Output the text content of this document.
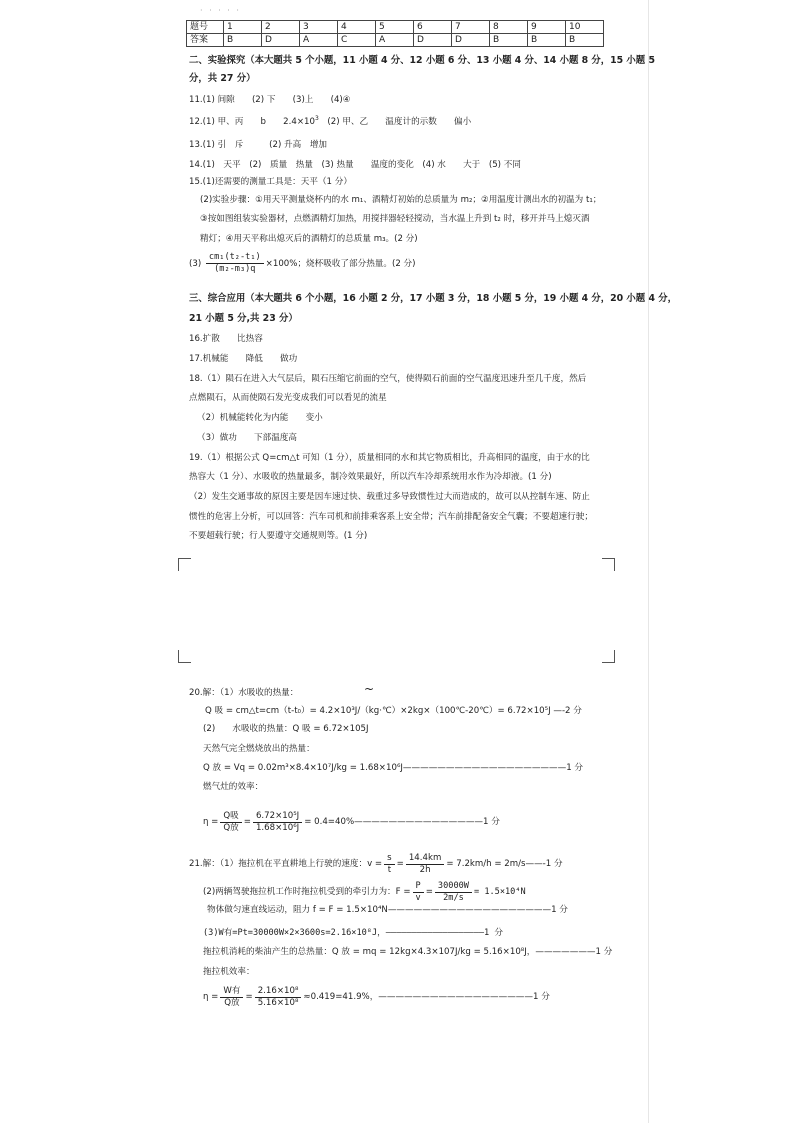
· · · · ·
题号	1	2	3	4	5	6	7	8	9	10
答案	B	D	A	C	A	D	D	B	B	B
二、实验探究（本大题共 5 个小题，11 小题 4 分、12 小题 6 分、13 小题 4 分、14 小题 8 分，15 小题 5
分，共 27 分）
11.(1) 间隙　　(2) 下　　(3)上　　(4)④
12.(1) 甲、丙　　b　　$2.4\times 10^3$　(2) 甲、乙　　温度计的示数　　偏小
13.(1) 引　斥　　　(2) 升高　增加
14.(1)　天平　(2)　质量　热量　(3) 热量　　温度的变化　(4) 水　　大于　(5) 不同
15.(1)还需要的测量工具是：天平（1 分）
(2)实验步骤：①用天平测量烧杯内的水 m₁、酒精灯初始的总质量为 m₂；②用温度计测出水的初温为 t₁；
③按如图组装实验器材，点燃酒精灯加热，用搅拌器轻轻搅动，当水温上升到 t₂ 时，移开并马上熄灭酒
精灯；④用天平称出熄灭后的酒精灯的总质量 m₃。(2 分)
$(3) \frac{\text{cm₁(t₂-t₁)}}{\text{(m₂-m₃)q}} \times 100\%$；烧杯吸收了部分热量。(2 分)
三、综合应用（本大题共 6 个小题，16 小题 2 分，17 小题 3 分，18 小题 5 分，19 小题 4 分，20 小题 4 分，
21 小题 5 分,共 23 分）
16.扩散　　比热容
17.机械能　　降低　　做功
18.（1）陨石在进入大气层后，陨石压缩它前面的空气，使得陨石前面的空气温度迅速升至几千度，然后
点燃陨石，从而使陨石发光变成我们可以看见的流星
（2）机械能转化为内能　　变小
（3）做功　　下部温度高
19.（1）根据公式 Q=cm△t 可知（1 分），质量相同的水和其它物质相比，升高相同的温度，由于水的比
热容大（1 分）、水吸收的热量最多，制冷效果最好，所以汽车冷却系统用水作为冷却液。(1 分)
（2）发生交通事故的原因主要是因车速过快、载重过多导致惯性过大而造成的，故可以从控制车速、防止
惯性的危害上分析，可以回答：汽车司机和前排乘客系上安全带；汽车前排配备安全气囊；不要超速行驶；
不要超载行驶；行人要遵守交通规则等。(1 分)
~
20.解：（1）水吸收的热量：
Q 吸 = cm△t=cm（t-t₀）= 4.2×10³J/（kg·℃）×2kg×（100℃-20℃）= 6.72×10⁵J —-2 分
(2)　　水吸收的热量：Q 吸 = 6.72×105J
天然气完全燃烧放出的热量：
Q 放 = Vq = 0.02m³×8.4×10⁷J/kg = 1.68×10⁶J———————————————————1 分
燃气灶的效率：
$\eta = \frac{\text{Q吸}}{\text{Q放}} = \frac{\text{6.72×10⁵J}}{\text{1.68×10⁶J}}$ = 0.4=40%———————————————1 分
21.解：（1）拖拉机在平直耕地上行驶的速度：$v = \frac{s}{t} = \frac{14.4km}{2h} = 7.2km/h$ = 2m/s——-1 分
(2)两辆驾驶拖拉机工作时拖拉机受到的牵引力为：$F = \frac{P}{v} = \frac{30000W}{2m/s} = 1.5\times 10^4N$
物体做匀速直线运动，阻力 f = F = 1.5×10⁴N———————————————————1 分
(3)W有=Pt=30000W×2×3600s=2.16×10⁸J，———————————————————1 分
拖拉机消耗的柴油产生的总热量：Q 放 = mq = 12kg×4.3×107J/kg = 5.16×10⁸J，———————1 分
拖拉机效率：
$\eta = \frac{\text{W有}}{\text{Q放}} = \frac{\text{2.16×10⁸}}{\text{5.16×10⁸}} \approx 0.419=41.9\%$，——————————————————1 分
